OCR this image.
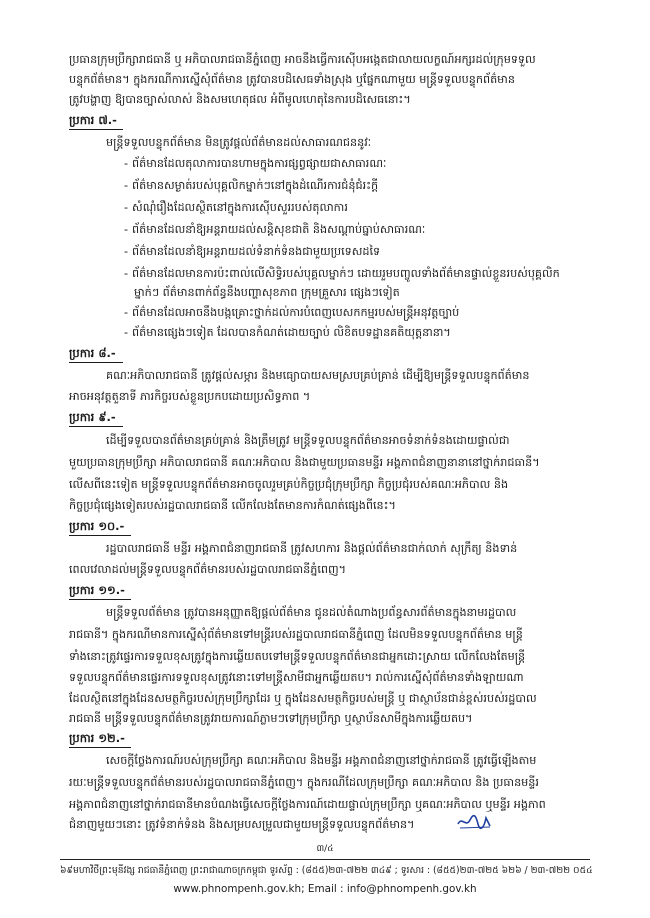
ប្រធានក្រុមប្រឹក្សារាជធានី ឬ អភិបាលរាជធានីភ្នំពេញ អាចនឹងធ្វើការស៊ើបអង្កេតជាលាយលក្ខណ៍អក្សរដល់ក្រុមទទួល
បន្ទុកព័ត៌មាន។ ក្នុងករណីការស្នើសុំព័ត៌មាន ត្រូវបានបដិសេធទាំងស្រុង ឬផ្នែកណាមួយ មន្ត្រីទទួលបន្ទុកព័ត៌មាន
ត្រូវបង្ហាញ ឱ្យបានច្បាស់លាស់ និងសមហេតុផល អំពីមូលហេតុនៃការបដិសេធនោះ។
ប្រការ ៧.-
មន្ត្រីទទួលបន្ទុកព័ត៌មាន មិនត្រូវផ្តល់ព័ត៌មានដល់សាធារណជននូវៈ
- ព័ត៌មានដែលតុលាការបានហាមក្នុងការផ្សព្វផ្សាយជាសាធារណៈ
- ព័ត៌មានសម្ងាត់របស់បុគ្គលិកម្នាក់ៗនៅក្នុងដំណើរការជំនុំជំរះក្តី
- សំណុំរឿងដែលស្ថិតនៅក្នុងការស៊ើបសួររបស់តុលាការ
- ព័ត៌មានដែលនាំឱ្យអន្តរាយដល់សន្តិសុខជាតិ និងសណ្តាប់ធ្នាប់សាធារណៈ
- ព័ត៌មានដែលនាំឱ្យអន្តរាយដល់ទំនាក់ទំនងជាមួយប្រទេសដទៃ
- ព័ត៌មានដែលមានការប៉ះពាល់លើសិទ្ធិរបស់បុគ្គលម្នាក់ៗ ដោយរួមបញ្ចូលទាំងព័ត៌មានផ្ទាល់ខ្លួនរបស់បុគ្គលិក
ម្នាក់ៗ ព័ត៌មានពាក់ព័ន្ធនឹងបញ្ហាសុខភាព ក្រុមគ្រួសារ ផ្សេងៗទៀត
- ព័ត៌មានដែលអាចនឹងបង្កគ្រោះថ្នាក់ដល់ការបំពេញបេសកកម្មរបស់មន្ត្រីអនុវត្តច្បាប់
- ព័ត៌មានផ្សេងៗទៀត ដែលបានកំណត់ដោយច្បាប់ លិខិតបទដ្ឋានគតិយុត្តនានា។
ប្រការ ៨.-
គណៈអភិបាលរាជធានី ត្រូវផ្តល់សម្ភារ និងមធ្យោបាយសមស្របគ្រប់គ្រាន់ ដើម្បីឱ្យមន្ត្រីទទួលបន្ទុកព័ត៌មាន
អាចអនុវត្តតួនាទី ភារកិច្ចរបស់ខ្លួនប្រកបដោយប្រសិទ្ធភាព ។
ប្រការ ៩.-
ដើម្បីទទួលបានព័ត៌មានគ្រប់គ្រាន់ និងត្រឹមត្រូវ មន្ត្រីទទួលបន្ទុកព័ត៌មានអាចទំនាក់ទំនងដោយផ្ទាល់ជា
មួយប្រធានក្រុមប្រឹក្សា អភិបាលរាជធានី គណៈអភិបាល និងជាមួយប្រធានមន្ទីរ អង្គភាពជំនាញនានានៅថ្នាក់រាជធានី។
លើសពីនេះទៀត មន្ត្រីទទួលបន្ទុកព័ត៌មានអាចចូលរួមគ្រប់កិច្ចប្រជុំក្រុមប្រឹក្សា កិច្ចប្រជុំរបស់គណៈអភិបាល និង
កិច្ចប្រជុំផ្សេងទៀតរបស់រដ្ឋបាលរាជធានី លើកលែងតែមានការកំណត់ផ្សេងពីនេះ។
ប្រការ ១០.-
រដ្ឋបាលរាជធានី មន្ទីរ អង្គភាពជំនាញរាជធានី ត្រូវសហការ និងផ្តល់ព័ត៌មានជាក់លាក់ សុក្រឹត្យ និងទាន់
ពេលវេលាដល់មន្ត្រីទទួលបន្ទុកព័ត៌មានរបស់រដ្ឋបាលរាជធានីភ្នំពេញ។
ប្រការ ១១.-
មន្ត្រីទទួលព័ត៌មាន ត្រូវបានអនុញ្ញាតឱ្យផ្តល់ព័ត៌មាន ជូនដល់តំណាងប្រព័ន្ធសារព័ត៌មានក្នុងនាមរដ្ឋបាល
រាជធានី។ ក្នុងករណីមានការស្នើសុំព័ត៌មានទៅមន្ត្រីរបស់រដ្ឋបាលរាជធានីភ្នំពេញ ដែលមិនទទួលបន្ទុកព័ត៌មាន មន្ត្រី
ទាំងនោះត្រូវផ្ទេរការទទួលខុសត្រូវក្នុងការឆ្លើយតបទៅមន្ត្រីទទួលបន្ទុកព័ត៌មានជាអ្នកដោះស្រាយ លើកលែងតែមន្ត្រី
ទទួលបន្ទុកព័ត៌មានផ្ទេរការទទួលខុសត្រូវនោះទៅមន្ត្រីសាមីជាអ្នកឆ្លើយតប។ រាល់ការស្នើសុំព័ត៌មានទាំងឡាយណា
ដែលស្ថិតនៅក្នុងដែនសមត្ថកិច្ចរបស់ក្រុមប្រឹក្សាដែរ ឬ ក្នុងដែនសមត្ថកិច្ចរបស់មន្ត្រី ឬ ជាស្ថាប័នជាន់ខ្ពស់របស់រដ្ឋបាល
រាជធានី មន្ត្រីទទួលបន្ទុកព័ត៌មានត្រូវរាយការណ៍ភ្លាមៗទៅក្រុមប្រឹក្សា ឬស្ថាប័នសាមីក្នុងការឆ្លើយតប។
ប្រការ ១២.-
សេចក្តីថ្លែងការណ៍របស់ក្រុមប្រឹក្សា គណៈអភិបាល និងមន្ទីរ អង្គភាពជំនាញនៅថ្នាក់រាជធានី ត្រូវធ្វើឡើងតាម
រយៈមន្ត្រីទទួលបន្ទុកព័ត៌មានរបស់រដ្ឋបាលរាជធានីភ្នំពេញ។ ក្នុងករណីដែលក្រុមប្រឹក្សា គណៈអភិបាល និង ប្រធានមន្ទីរ
អង្គភាពជំនាញនៅថ្នាក់រាជធានីមានបំណងធ្វើសេចក្តីថ្លែងការណ៍ដោយផ្ទាល់ក្រុមប្រឹក្សា ឬគណៈអភិបាល ឬមន្ទីរ អង្គភាព
ជំនាញមួយៗនោះ ត្រូវទំនាក់ទំនង និងសម្របសម្រួលជាមួយមន្ត្រីទទួលបន្ទុកព័ត៌មាន។
៣/៤
៦៩មហាវិថីព្រះមុនីវង្ស រាជធានីភ្នំពេញ ព្រះរាជាណាចក្រកម្ពុជា ទូរស័ព្ទ : (៨៥៥)២៣-៧២២ ៣៤៩ ; ទូរសារ : (៨៥៥)២៣-៧២៥ ៦២៦ / ២៣-៧២២ ០៥៤
www.phnompenh.gov.kh; Email : info@phnompenh.gov.kh
